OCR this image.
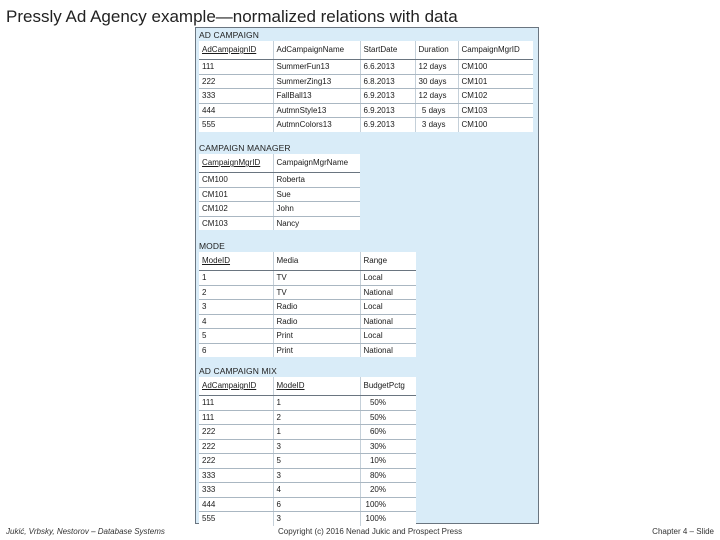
Pressly Ad Agency example—normalized relations with data
AD CAMPAIGN
AdCampaignID	AdCampaignName	StartDate	Duration	CampaignMgrID
111	SummerFun13	6.6.2013	12 days	CM100
222	SummerZing13	6.8.2013	30 days	CM101
333	FallBall13	6.9.2013	12 days	CM102
444	AutmnStyle13	6.9.2013	5 days	CM103
555	AutmnColors13	6.9.2013	3 days	CM100
CAMPAIGN MANAGER
CampaignMgrID	CampaignMgrName
CM100	Roberta
CM101	Sue
CM102	John
CM103	Nancy
MODE
ModeID	Media	Range
1	TV	Local
2	TV	National
3	Radio	Local
4	Radio	National
5	Print	Local
6	Print	National
AD CAMPAIGN MIX
AdCampaignID	ModeID	BudgetPctg
111	1	50%
111	2	50%
222	1	60%
222	3	30%
222	5	10%
333	3	80%
333	4	20%
444	6	100%
555	3	100%
Jukić, Vrbsky, Nestorov – Database Systems	Copyright (c) 2016 Nenad Jukic and Prospect Press	Chapter 4 – Slide
